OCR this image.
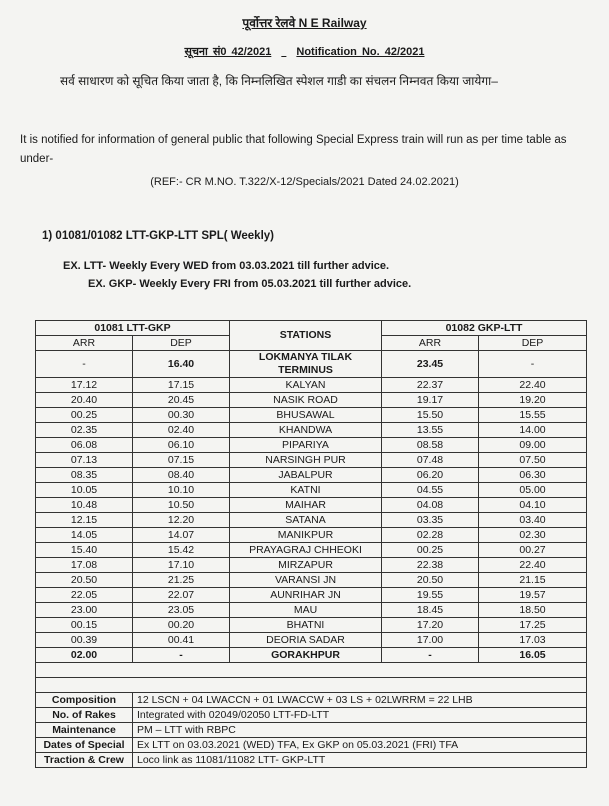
पूर्वोत्तर रेलवे N E Railway
सूचना सं0 42/2021 Notification No. 42/2021
सर्व साधारण को सूचित किया जाता है, कि निम्नलिखित स्पेशल गाडी का संचलन निम्नवत किया जायेगा–
It is notified for information of general public that following Special Express train will run as per time table as under-
(REF:- CR M.NO. T.322/X-12/Specials/2021 Dated 24.02.2021)
1) 01081/01082 LTT-GKP-LTT SPL( Weekly)
EX. LTT- Weekly Every WED from 03.03.2021 till further advice.
EX. GKP- Weekly Every FRI from 05.03.2021 till further advice.
01081 LTT-GKP		STATIONS	01082 GKP-LTT	
ARR	DEP		ARR	DEP
-	16.40	LOKMANYA TILAK TERMINUS	23.45	-
17.12	17.15	KALYAN	22.37	22.40
20.40	20.45	NASIK ROAD	19.17	19.20
00.25	00.30	BHUSAWAL	15.50	15.55
02.35	02.40	KHANDWA	13.55	14.00
06.08	06.10	PIPARIYA	08.58	09.00
07.13	07.15	NARSINGH PUR	07.48	07.50
08.35	08.40	JABALPUR	06.20	06.30
10.05	10.10	KATNI	04.55	05.00
10.48	10.50	MAIHAR	04.08	04.10
12.15	12.20	SATANA	03.35	03.40
14.05	14.07	MANIKPUR	02.28	02.30
15.40	15.42	PRAYAGRAJ CHHEOKI	00.25	00.27
17.08	17.10	MIRZAPUR	22.38	22.40
20.50	21.25	VARANSI JN	20.50	21.15
22.05	22.07	AUNRIHAR JN	19.55	19.57
23.00	23.05	MAU	18.45	18.50
00.15	00.20	BHATNI	17.20	17.25
00.39	00.41	DEORIA SADAR	17.00	17.03
02.00	-	GORAKHPUR	-	16.05

Composition	12 LSCN + 04 LWACCN + 01 LWACCW + 03 LS + 02LWRRM = 22 LHB			
No. of Rakes	Integrated with 02049/02050 LTT-FD-LTT			
Maintenance	PM – LTT with RBPC			
Dates of Special	Ex LTT on 03.03.2021 (WED) TFA, Ex GKP on 05.03.2021 (FRI) TFA			
Traction & Crew	Loco link as 11081/11082 LTT- GKP-LTT			
